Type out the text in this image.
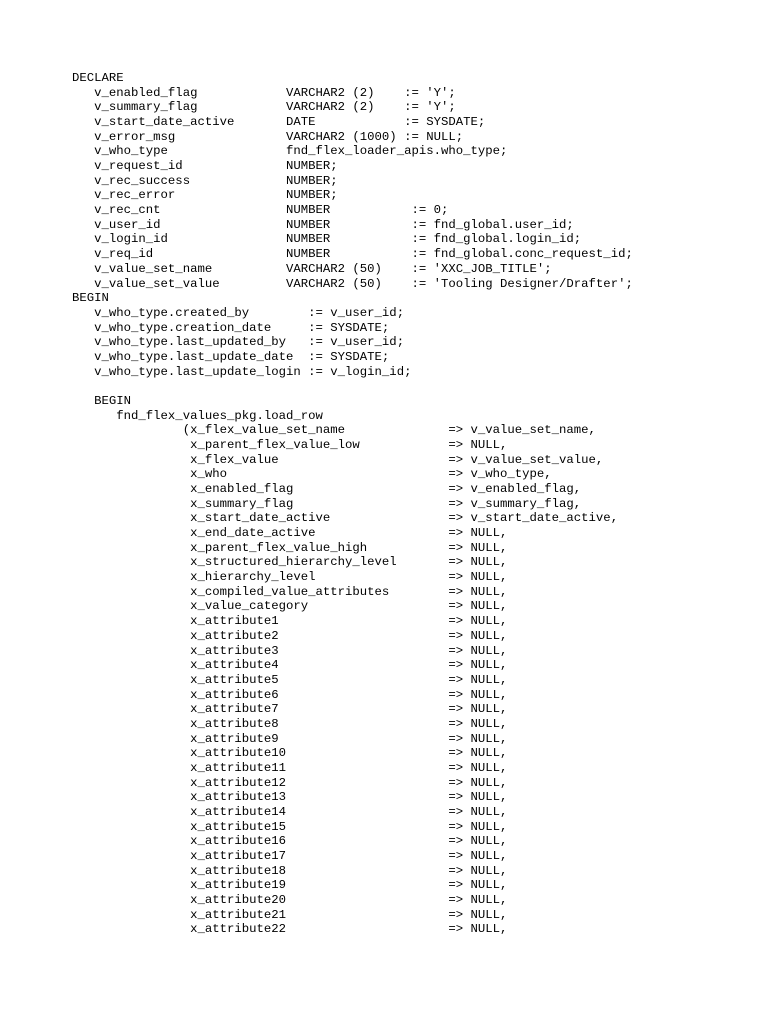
DECLARE
v_enabled_flag            VARCHAR2 (2)    := 'Y';
v_summary_flag            VARCHAR2 (2)    := 'Y';
v_start_date_active       DATE            := SYSDATE;
v_error_msg               VARCHAR2 (1000) := NULL;
v_who_type                fnd_flex_loader_apis.who_type;
v_request_id              NUMBER;
v_rec_success             NUMBER;
v_rec_error               NUMBER;
v_rec_cnt                 NUMBER           := 0;
v_user_id                 NUMBER           := fnd_global.user_id;
v_login_id                NUMBER           := fnd_global.login_id;
v_req_id                  NUMBER           := fnd_global.conc_request_id;
v_value_set_name          VARCHAR2 (50)    := 'XXC_JOB_TITLE';
v_value_set_value         VARCHAR2 (50)    := 'Tooling Designer/Drafter';
BEGIN
v_who_type.created_by        := v_user_id;
v_who_type.creation_date     := SYSDATE;
v_who_type.last_updated_by   := v_user_id;
v_who_type.last_update_date  := SYSDATE;
v_who_type.last_update_login := v_login_id;
BEGIN
fnd_flex_values_pkg.load_row
(x_flex_value_set_name              => v_value_set_name,
x_parent_flex_value_low            => NULL,
x_flex_value                       => v_value_set_value,
x_who                              => v_who_type,
x_enabled_flag                     => v_enabled_flag,
x_summary_flag                     => v_summary_flag,
x_start_date_active                => v_start_date_active,
x_end_date_active                  => NULL,
x_parent_flex_value_high           => NULL,
x_structured_hierarchy_level       => NULL,
x_hierarchy_level                  => NULL,
x_compiled_value_attributes        => NULL,
x_value_category                   => NULL,
x_attribute1                       => NULL,
x_attribute2                       => NULL,
x_attribute3                       => NULL,
x_attribute4                       => NULL,
x_attribute5                       => NULL,
x_attribute6                       => NULL,
x_attribute7                       => NULL,
x_attribute8                       => NULL,
x_attribute9                       => NULL,
x_attribute10                      => NULL,
x_attribute11                      => NULL,
x_attribute12                      => NULL,
x_attribute13                      => NULL,
x_attribute14                      => NULL,
x_attribute15                      => NULL,
x_attribute16                      => NULL,
x_attribute17                      => NULL,
x_attribute18                      => NULL,
x_attribute19                      => NULL,
x_attribute20                      => NULL,
x_attribute21                      => NULL,
x_attribute22                      => NULL,
